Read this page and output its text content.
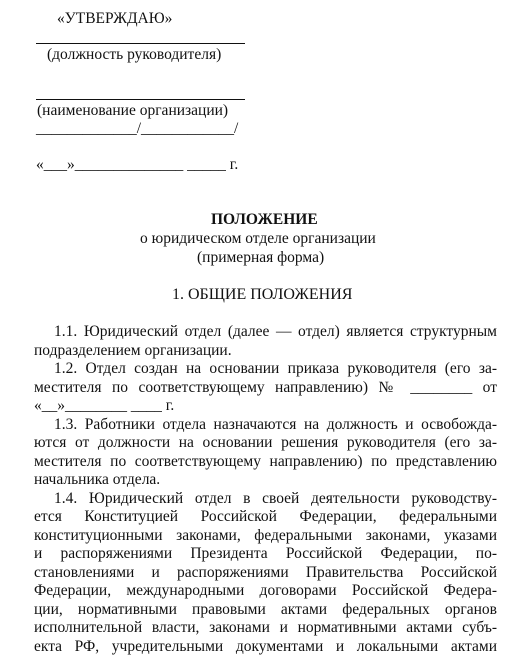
«УТВЕРЖДАЮ»
(должность руководителя)
(наименование организации)
_____________/____________/
«___»______________ _____ г.
ПОЛОЖЕНИЕ
о юридическом отделе организации
(примерная форма)
1. ОБЩИЕ ПОЛОЖЕНИЯ
1.1. Юридический отдел (далее — отдел) является структурным
подразделением организации.
1.2. Отдел создан на основании приказа руководителя (его за-
местителя по соответствующему направлению) № ________ от
«__»________ ____ г.
1.3. Работники отдела назначаются на должность и освобожда-
ются от должности на основании решения руководителя (его за-
местителя по соответствующему направлению) по представлению
начальника отдела.
1.4. Юридический отдел в своей деятельности руководству-
ется Конституцией Российской Федерации, федеральными
конституционными законами, федеральными законами, указами
и распоряжениями Президента Российской Федерации, по-
становлениями и распоряжениями Правительства Российской
Федерации, международными договорами Российской Федера-
ции, нормативными правовыми актами федеральных органов
исполнительной власти, законами и нормативными актами субъ-
екта РФ, учредительными документами и локальными актами
